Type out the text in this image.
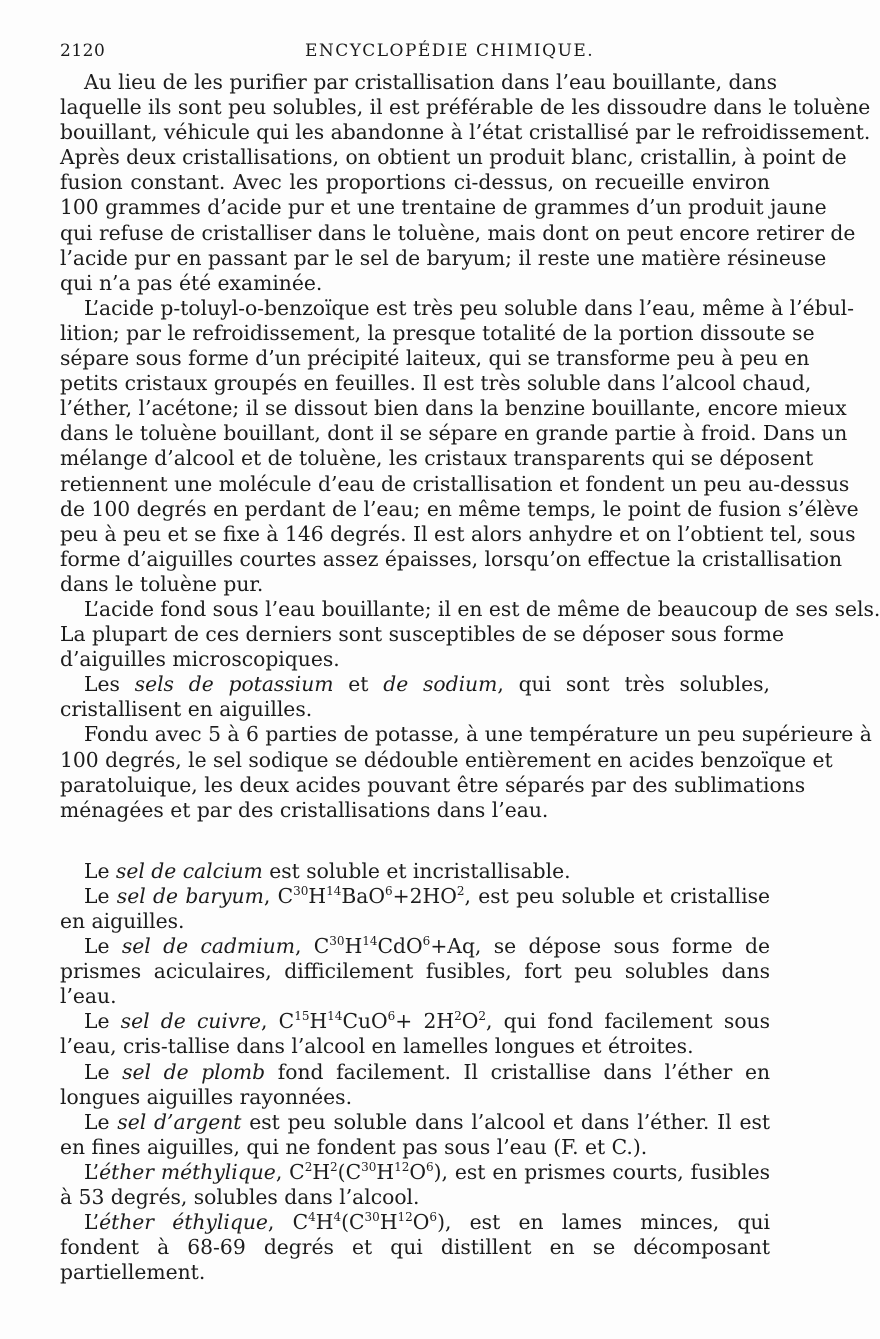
2120	ENCYCLOPÉDIE CHIMIQUE.
Au lieu de les purifier par cristallisation dans l’eau bouillante, dans
laquelle ils sont peu solubles, il est préférable de les dissoudre dans le toluène
bouillant, véhicule qui les abandonne à l’état cristallisé par le refroidissement.
Après deux cristallisations, on obtient un produit blanc, cristallin, à point de
fusion constant. Avec les proportions ci-dessus, on recueille environ
100 grammes d’acide pur et une trentaine de grammes d’un produit jaune
qui refuse de cristalliser dans le toluène, mais dont on peut encore retirer de
l’acide pur en passant par le sel de baryum; il reste une matière résineuse
qui n’a pas été examinée.
L’acide p-toluyl-o-benzoïque est très peu soluble dans l’eau, même à l’ébul-
lition; par le refroidissement, la presque totalité de la portion dissoute se
sépare sous forme d’un précipité laiteux, qui se transforme peu à peu en
petits cristaux groupés en feuilles. Il est très soluble dans l’alcool chaud,
l’éther, l’acétone; il se dissout bien dans la benzine bouillante, encore mieux
dans le toluène bouillant, dont il se sépare en grande partie à froid. Dans un
mélange d’alcool et de toluène, les cristaux transparents qui se déposent
retiennent une molécule d’eau de cristallisation et fondent un peu au-dessus
de 100 degrés en perdant de l’eau; en même temps, le point de fusion s’élève
peu à peu et se fixe à 146 degrés. Il est alors anhydre et on l’obtient tel, sous
forme d’aiguilles courtes assez épaisses, lorsqu’on effectue la cristallisation
dans le toluène pur.
L’acide fond sous l’eau bouillante; il en est de même de beaucoup de ses sels.
La plupart de ces derniers sont susceptibles de se déposer sous forme
d’aiguilles microscopiques.
Les sels de potassium et de sodium, qui sont très solubles, cristallisent en aiguilles.
Fondu avec 5 à 6 parties de potasse, à une température un peu supérieure à
100 degrés, le sel sodique se dédouble entièrement en acides benzoïque et
paratoluique, les deux acides pouvant être séparés par des sublimations
ménagées et par des cristallisations dans l’eau.
Le sel de calcium est soluble et incristallisable.
Le sel de baryum, $C^{30}H^{14}BaO^6+2HO^2$, est peu soluble et cristallise en aiguilles.
Le sel de cadmium, $C^{30}H^{14}CdO^6+Aq$, se dépose sous forme de prismes aciculaires, difficilement fusibles, fort peu solubles dans l’eau.
Le sel de cuivre, $C^{15}H^{14}CuO^6+ 2H^2O^2$, qui fond facilement sous l’eau, cris-tallise dans l’alcool en lamelles longues et étroites.
Le sel de plomb fond facilement. Il cristallise dans l’éther en longues aiguilles rayonnées.
Le sel d’argent est peu soluble dans l’alcool et dans l’éther. Il est en fines aiguilles, qui ne fondent pas sous l’eau (F. et C.).
L’éther méthylique, $C^2H^2(C^{30}H^{12}O^6)$, est en prismes courts, fusibles à 53 degrés, solubles dans l’alcool.
L’éther éthylique, $C^4H^4(C^{30}H^{12}O^6)$, est en lames minces, qui fondent à 68-69 degrés et qui distillent en se décomposant partiellement.
